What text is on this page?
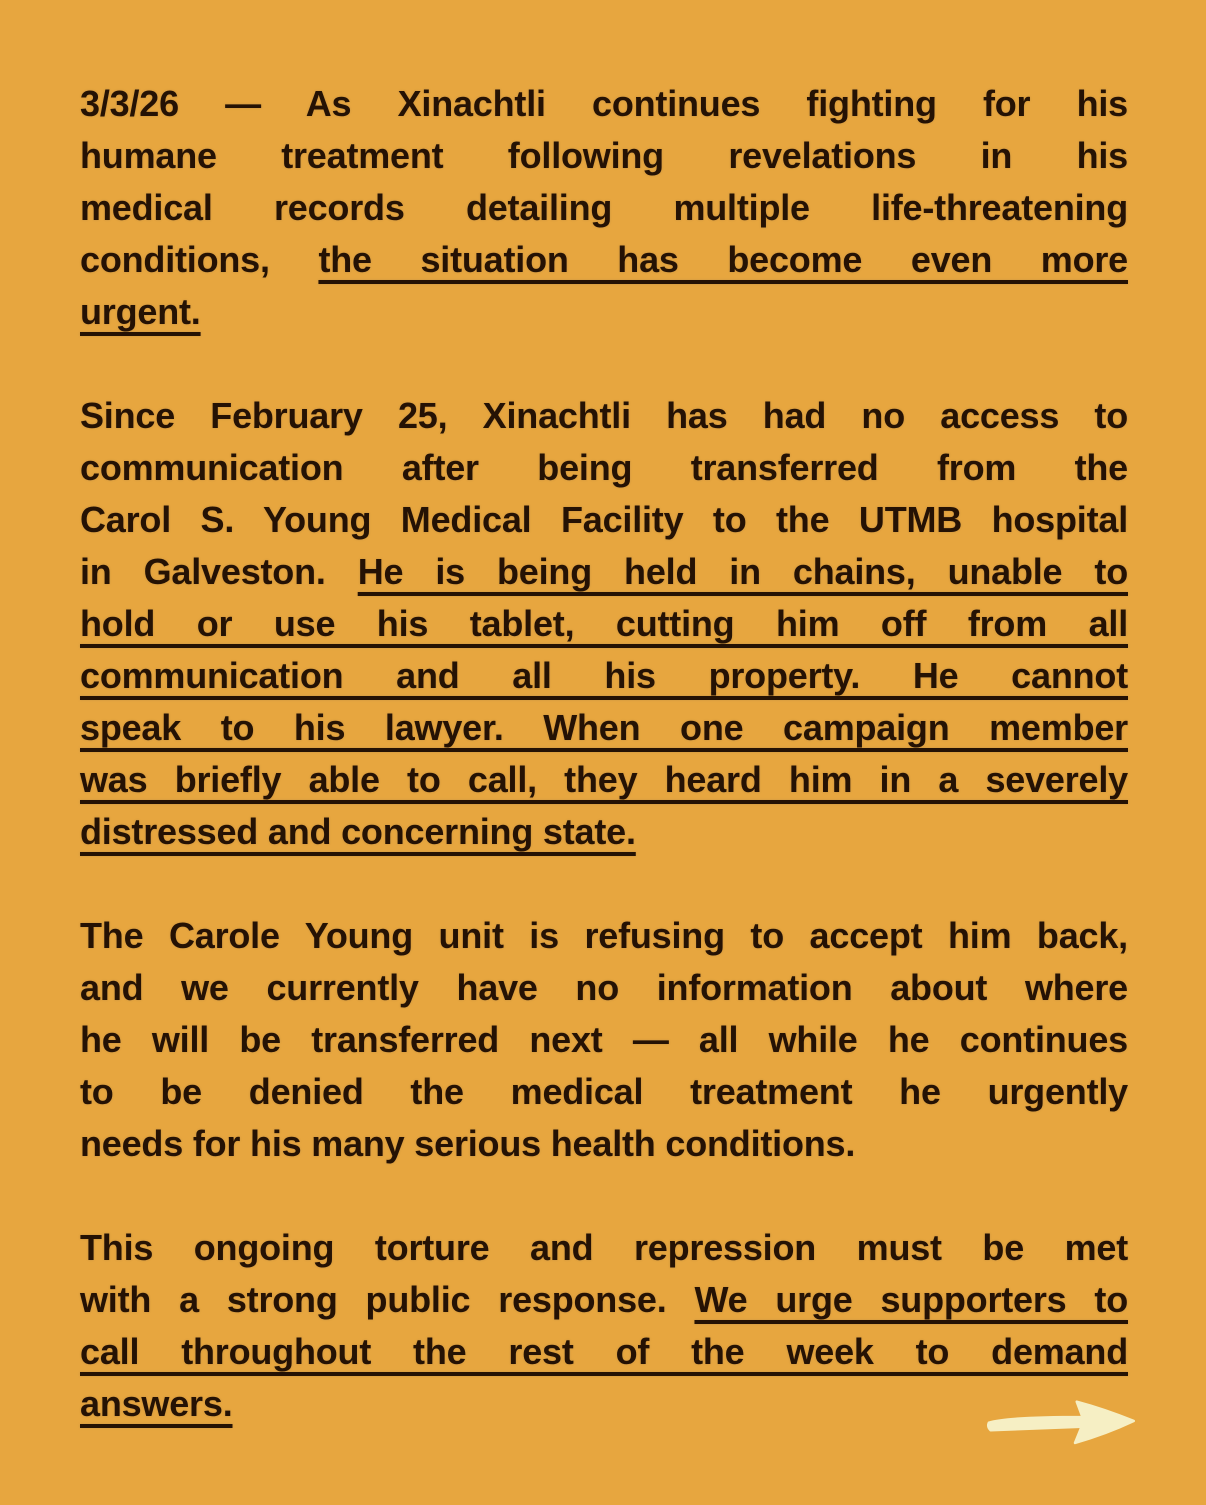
3/3/26 — As Xinachtli continues fighting for his
humane treatment following revelations in his
medical records detailing multiple life-threatening
conditions, the situation has become even more
urgent.
Since February 25, Xinachtli has had no access to
communication after being transferred from the
Carol S. Young Medical Facility to the UTMB hospital
in Galveston. He is being held in chains, unable to
hold or use his tablet, cutting him off from all
communication and all his property. He cannot
speak to his lawyer. When one campaign member
was briefly able to call, they heard him in a severely
distressed and concerning state.
The Carole Young unit is refusing to accept him back,
and we currently have no information about where
he will be transferred next — all while he continues
to be denied the medical treatment he urgently
needs for his many serious health conditions.
This ongoing torture and repression must be met
with a strong public response. We urge supporters to
call throughout the rest of the week to demand
answers.
